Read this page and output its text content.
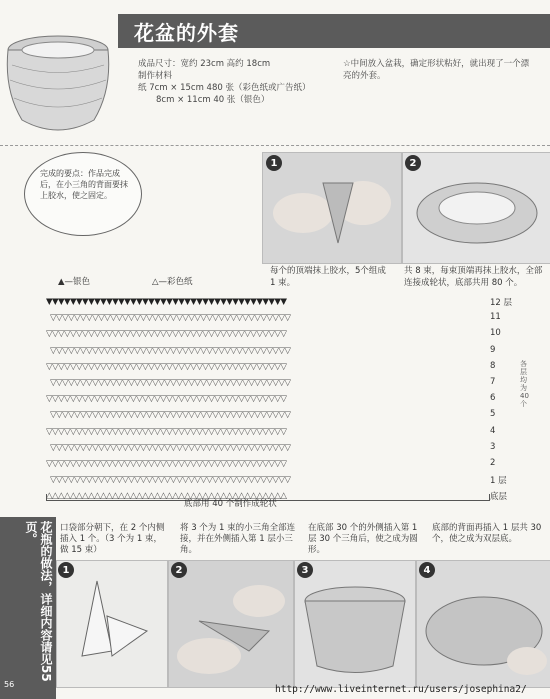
花盆的外套
成品尺寸：宽约 23cm 高约 18cm
制作材料
纸 7cm × 15cm 480 张（彩色纸或广告纸）
8cm × 11cm 40 张（银色）
☆中间放入盆栽，确定形状粘好，就出现了一个漂亮的外套。
完成的要点：作品完成后，在小三角的背面要抹上胶水，使之固定。
1
每个的顶端抹上胶水，5个组成 1 束。
2
共 8 束，每束顶端再抹上胶水，全部连接成轮状，底部共用 80 个。
▲—银色	△—彩色纸
▼▼▼▼▼▼▼▼▼▼▼▼▼▼▼▼▼▼▼▼▼▼▼▼▼▼▼▼▼▼▼▼▼▼▼▼▼▼▼▼	12 层
▽▽▽▽▽▽▽▽▽▽▽▽▽▽▽▽▽▽▽▽▽▽▽▽▽▽▽▽▽▽▽▽▽▽▽▽▽▽▽▽	11
▽▽▽▽▽▽▽▽▽▽▽▽▽▽▽▽▽▽▽▽▽▽▽▽▽▽▽▽▽▽▽▽▽▽▽▽▽▽▽▽	10
▽▽▽▽▽▽▽▽▽▽▽▽▽▽▽▽▽▽▽▽▽▽▽▽▽▽▽▽▽▽▽▽▽▽▽▽▽▽▽▽	9
▽▽▽▽▽▽▽▽▽▽▽▽▽▽▽▽▽▽▽▽▽▽▽▽▽▽▽▽▽▽▽▽▽▽▽▽▽▽▽▽	8
▽▽▽▽▽▽▽▽▽▽▽▽▽▽▽▽▽▽▽▽▽▽▽▽▽▽▽▽▽▽▽▽▽▽▽▽▽▽▽▽	7
▽▽▽▽▽▽▽▽▽▽▽▽▽▽▽▽▽▽▽▽▽▽▽▽▽▽▽▽▽▽▽▽▽▽▽▽▽▽▽▽	6
▽▽▽▽▽▽▽▽▽▽▽▽▽▽▽▽▽▽▽▽▽▽▽▽▽▽▽▽▽▽▽▽▽▽▽▽▽▽▽▽	5
▽▽▽▽▽▽▽▽▽▽▽▽▽▽▽▽▽▽▽▽▽▽▽▽▽▽▽▽▽▽▽▽▽▽▽▽▽▽▽▽	4
▽▽▽▽▽▽▽▽▽▽▽▽▽▽▽▽▽▽▽▽▽▽▽▽▽▽▽▽▽▽▽▽▽▽▽▽▽▽▽▽	3
▽▽▽▽▽▽▽▽▽▽▽▽▽▽▽▽▽▽▽▽▽▽▽▽▽▽▽▽▽▽▽▽▽▽▽▽▽▽▽▽	2
▽▽▽▽▽▽▽▽▽▽▽▽▽▽▽▽▽▽▽▽▽▽▽▽▽▽▽▽▽▽▽▽▽▽▽▽▽▽▽▽	1 层
△△△△△△△△△△△△△△△△△△△△△△△△△△△△△△△△△△△△△△△△	底层
底部用 40 个制作成轮状
各层均为 40 个
花瓶的做法，详细内容请见55页。
56
口袋部分朝下，在 2 个内侧插入 1 个。（3 个为 1 束，做 15 束）
将 3 个为 1 束的小三角全部连接，并在外侧插入第 1 层小三角。
在底部 30 个的外侧插入第 1 层 30 个三角后，使之成为圆形。
底部的背面再插入 1 层共 30 个，使之成为双层底。
1	2	3	4
http://www.liveinternet.ru/users/josephina2/
